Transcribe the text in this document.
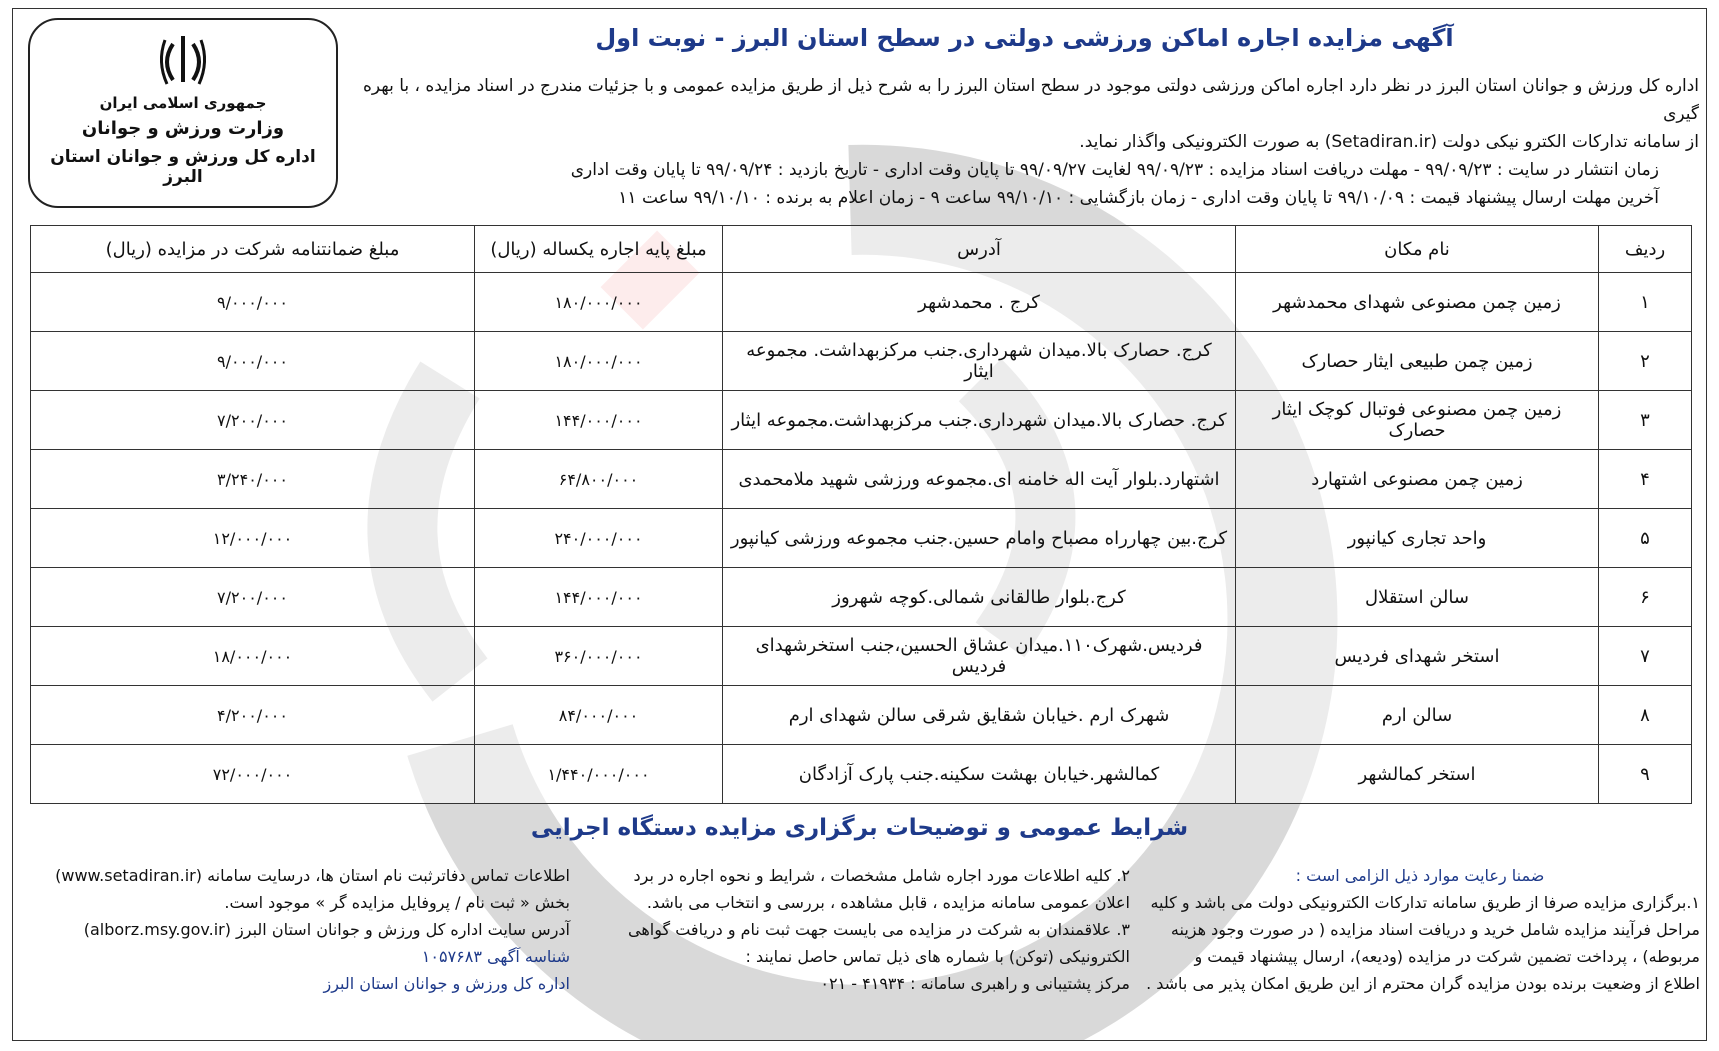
جمهوری اسلامی ایران
وزارت ورزش و جوانان
اداره کل ورزش و جوانان استان البرز
آگهی مزایده اجاره اماکن ورزشی دولتی در سطح استان البرز - نوبت اول

اداره کل ورزش و جوانان استان البرز در نظر دارد اجاره اماکن ورزشی دولتی موجود در سطح استان البرز را به شرح ذیل از طریق مزایده عمومی و با جزئیات مندرج در اسناد مزایده ، با بهره گیری

از سامانه تدارکات الکترو نیکی دولت (Setadiran.ir) به صورت الکترونیکی واگذار نماید.

زمان انتشار در سایت : ۹۹/۰۹/۲۳ - مهلت دریافت اسناد مزایده : ۹۹/۰۹/۲۳ لغایت ۹۹/۰۹/۲۷ تا پایان وقت اداری - تاریخ بازدید : ۹۹/۰۹/۲۴ تا پایان وقت اداری

آخرین مهلت ارسال پیشنهاد قیمت : ۹۹/۱۰/۰۹ تا پایان وقت اداری - زمان بازگشایی : ۹۹/۱۰/۱۰ ساعت ۹ - زمان اعلام به برنده : ۹۹/۱۰/۱۰ ساعت ۱۱

ردیف	نام مکان	آدرس	مبلغ پایه اجاره یکساله (ریال)	مبلغ ضمانتنامه شرکت در مزایده (ریال)
۱	زمین چمن مصنوعی شهدای محمدشهر	کرج . محمدشهر	۱۸۰/۰۰۰/۰۰۰	۹/۰۰۰/۰۰۰
۲	زمین چمن طبیعی ایثار حصارک	کرج. حصارک بالا.میدان شهرداری.جنب مرکزبهداشت. مجموعه ایثار	۱۸۰/۰۰۰/۰۰۰	۹/۰۰۰/۰۰۰
۳	زمین چمن مصنوعی فوتبال کوچک ایثار حصارک	کرج. حصارک بالا.میدان شهرداری.جنب مرکزبهداشت.مجموعه ایثار	۱۴۴/۰۰۰/۰۰۰	۷/۲۰۰/۰۰۰
۴	زمین چمن مصنوعی اشتهارد	اشتهارد.بلوار آیت اله خامنه ای.مجموعه ورزشی شهید ملامحمدی	۶۴/۸۰۰/۰۰۰	۳/۲۴۰/۰۰۰
۵	واحد تجاری کیانپور	کرج.بین چهارراه مصباح وامام حسین.جنب مجموعه ورزشی کیانپور	۲۴۰/۰۰۰/۰۰۰	۱۲/۰۰۰/۰۰۰
۶	سالن استقلال	کرج.بلوار طالقانی شمالی.کوچه شهروز	۱۴۴/۰۰۰/۰۰۰	۷/۲۰۰/۰۰۰
۷	استخر شهدای فردیس	فردیس.شهرک۱۱۰.میدان عشاق الحسین،جنب استخرشهدای فردیس	۳۶۰/۰۰۰/۰۰۰	۱۸/۰۰۰/۰۰۰
۸	سالن ارم	شهرک ارم .خیابان شقایق شرقی سالن شهدای ارم	۸۴/۰۰۰/۰۰۰	۴/۲۰۰/۰۰۰
۹	استخر کمالشهر	کمالشهر.خیابان بهشت سکینه.جنب پارک آزادگان	۱/۴۴۰/۰۰۰/۰۰۰	۷۲/۰۰۰/۰۰۰
شرایط عمومی و توضیحات برگزاری مزایده دستگاه اجرایی

ضمنا رعایت موارد ذیل الزامی است :

۱.برگزاری مزایده صرفا از طریق سامانه تدارکات الکترونیکی دولت می باشد و کلیه

مراحل فرآیند مزایده شامل خرید و دریافت اسناد مزایده ( در صورت وجود هزینه

مربوطه) ، پرداخت تضمین شرکت در مزایده (ودیعه)، ارسال پیشنهاد قیمت و

اطلاع از وضعیت برنده بودن مزایده گران محترم از این طریق امکان پذیر می باشد .

۲. کلیه اطلاعات مورد اجاره شامل مشخصات ، شرایط و نحوه اجاره در برد

اعلان عمومی سامانه مزایده ، قابل مشاهده ، بررسی و انتخاب می باشد.

۳. علاقمندان به شرکت در مزایده می بایست جهت ثبت نام و دریافت گواهی

الکترونیکی (توکن) با شماره های ذیل تماس حاصل نمایند :

مرکز پشتیبانی و راهبری سامانه : ۴۱۹۳۴ - ۰۲۱

اطلاعات تماس دفاترثبت نام استان ها، درسایت سامانه (www.setadiran.ir)

بخش « ثبت نام / پروفایل مزایده گر » موجود است.

آدرس سایت اداره کل ورزش و جوانان استان البرز (alborz.msy.gov.ir)

شناسه آگهی ۱۰۵۷۶۸۳

اداره کل ورزش و جوانان استان البرز
